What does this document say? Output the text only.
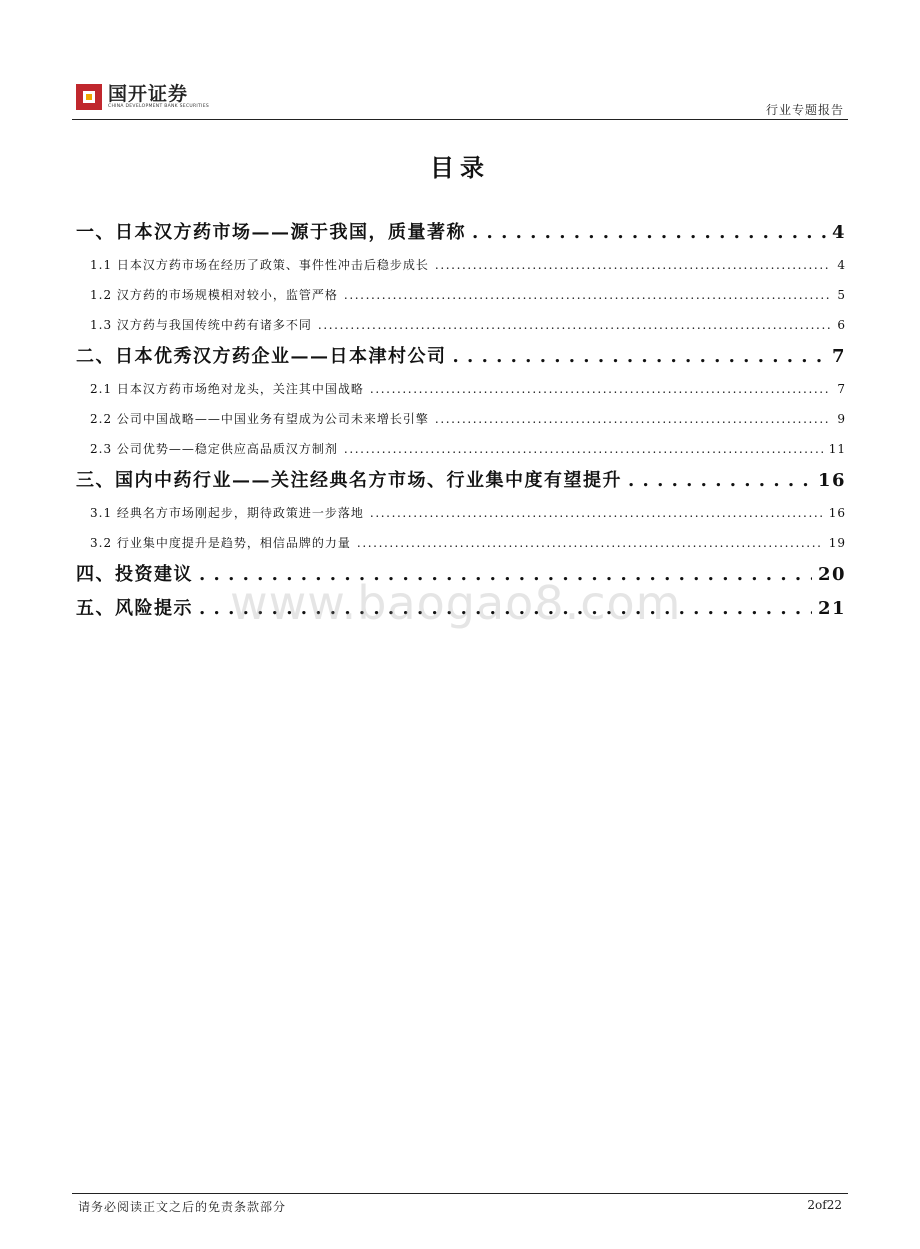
国开证券
CHINA DEVELOPMENT BANK SECURITIES	行业专题报告
目录
一、日本汉方药市场——源于我国，质量著称 . . .	4
1.1 日本汉方药市场在经历了政策、事件性冲击后稳步成长 .....	4
1.2 汉方药的市场规模相对较小，监管严格 .....	5
1.3 汉方药与我国传统中药有诸多不同 .....	6
二、日本优秀汉方药企业——日本津村公司 . . .	7
2.1 日本汉方药市场绝对龙头，关注其中国战略 .....	7
2.2 公司中国战略——中国业务有望成为公司未来增长引擎 .....	9
2.3 公司优势——稳定供应高品质汉方制剂 .....	11
三、国内中药行业——关注经典名方市场、行业集中度有望提升 . . .	16
3.1 经典名方市场刚起步，期待政策进一步落地 .....	16
3.2 行业集中度提升是趋势，相信品牌的力量 .....	19
四、投资建议 . . .	20
五、风险提示 . . .	21
www.baogao8.com
请务必阅读正文之后的免责条款部分	2of22
